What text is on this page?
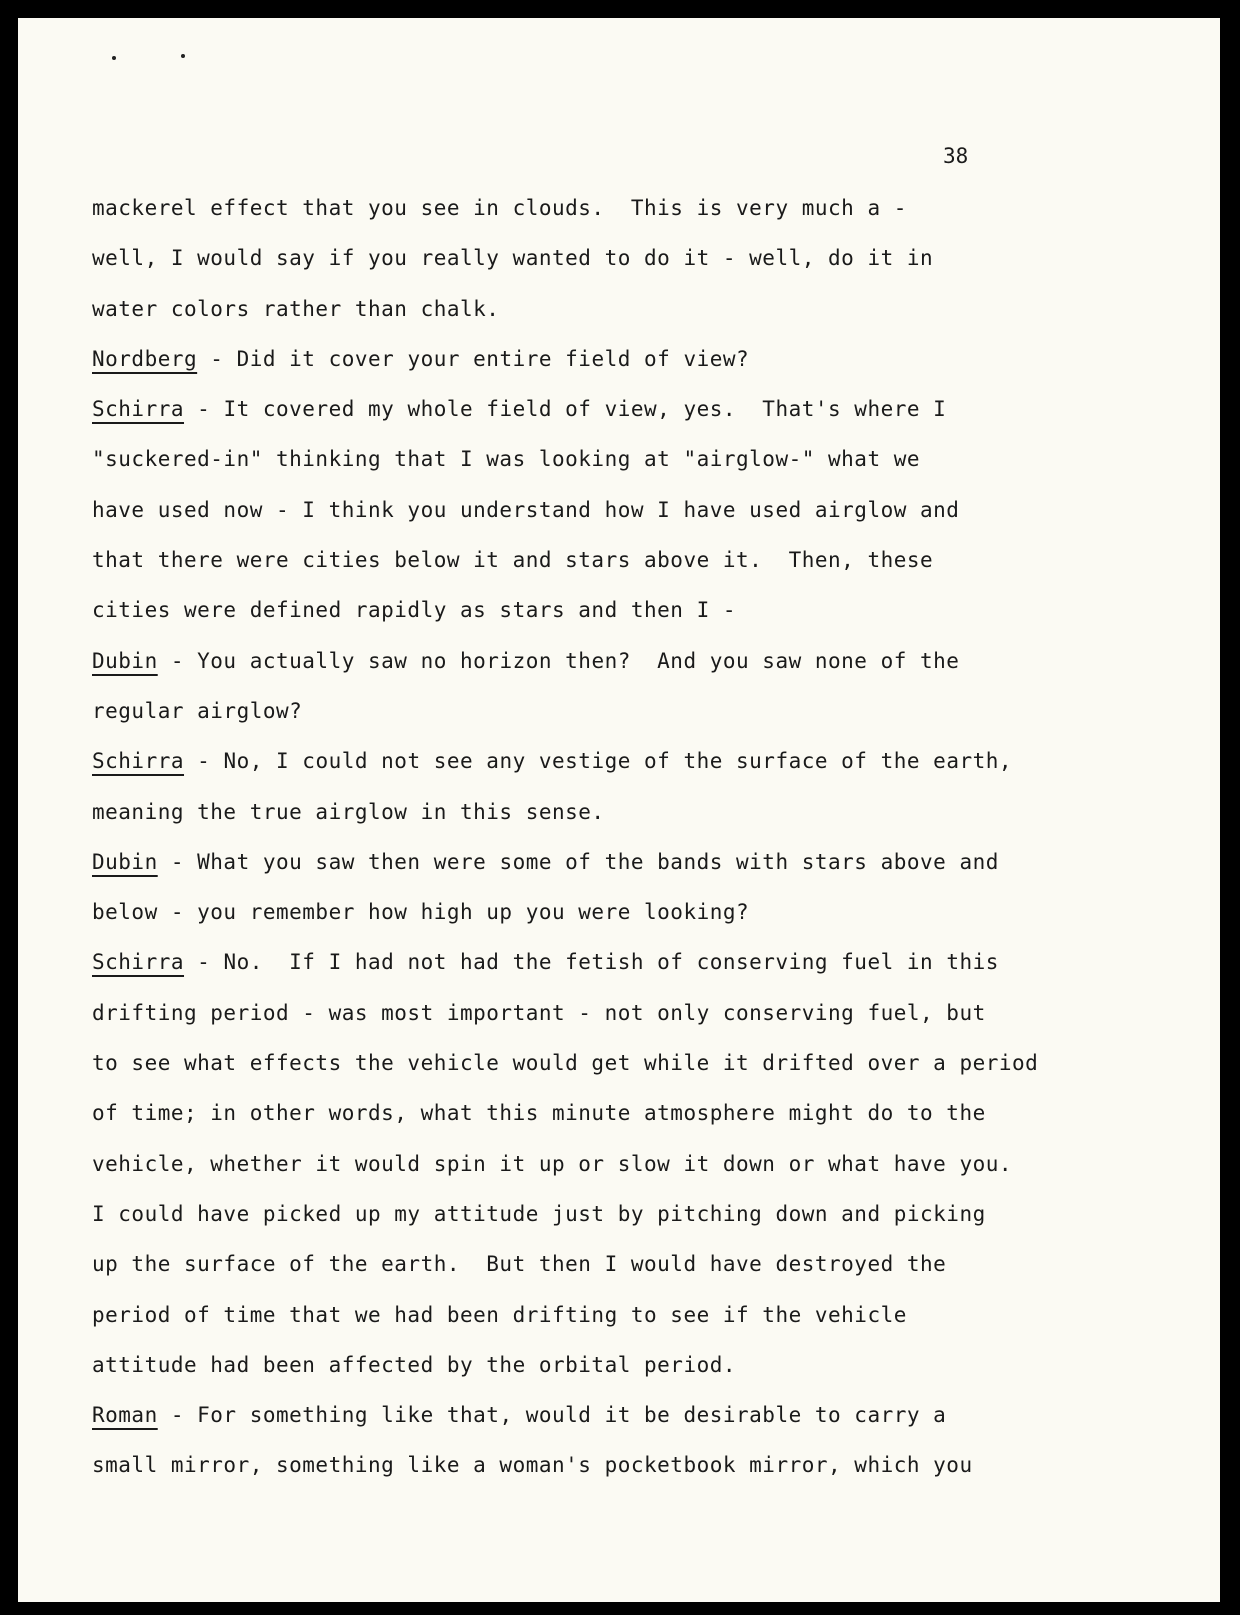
38

mackerel effect that you see in clouds.  This is very much a -
well, I would say if you really wanted to do it - well, do it in
water colors rather than chalk.
Nordberg - Did it cover your entire field of view?
Schirra - It covered my whole field of view, yes.  That's where I
"suckered-in" thinking that I was looking at "airglow-" what we
have used now - I think you understand how I have used airglow and
that there were cities below it and stars above it.  Then, these
cities were defined rapidly as stars and then I -
Dubin - You actually saw no horizon then?  And you saw none of the
regular airglow?
Schirra - No, I could not see any vestige of the surface of the earth,
meaning the true airglow in this sense.
Dubin - What you saw then were some of the bands with stars above and
below - you remember how high up you were looking?
Schirra - No.  If I had not had the fetish of conserving fuel in this
drifting period - was most important - not only conserving fuel, but
to see what effects the vehicle would get while it drifted over a period
of time; in other words, what this minute atmosphere might do to the
vehicle, whether it would spin it up or slow it down or what have you.
I could have picked up my attitude just by pitching down and picking
up the surface of the earth.  But then I would have destroyed the
period of time that we had been drifting to see if the vehicle
attitude had been affected by the orbital period.
Roman - For something like that, would it be desirable to carry a
small mirror, something like a woman's pocketbook mirror, which you
